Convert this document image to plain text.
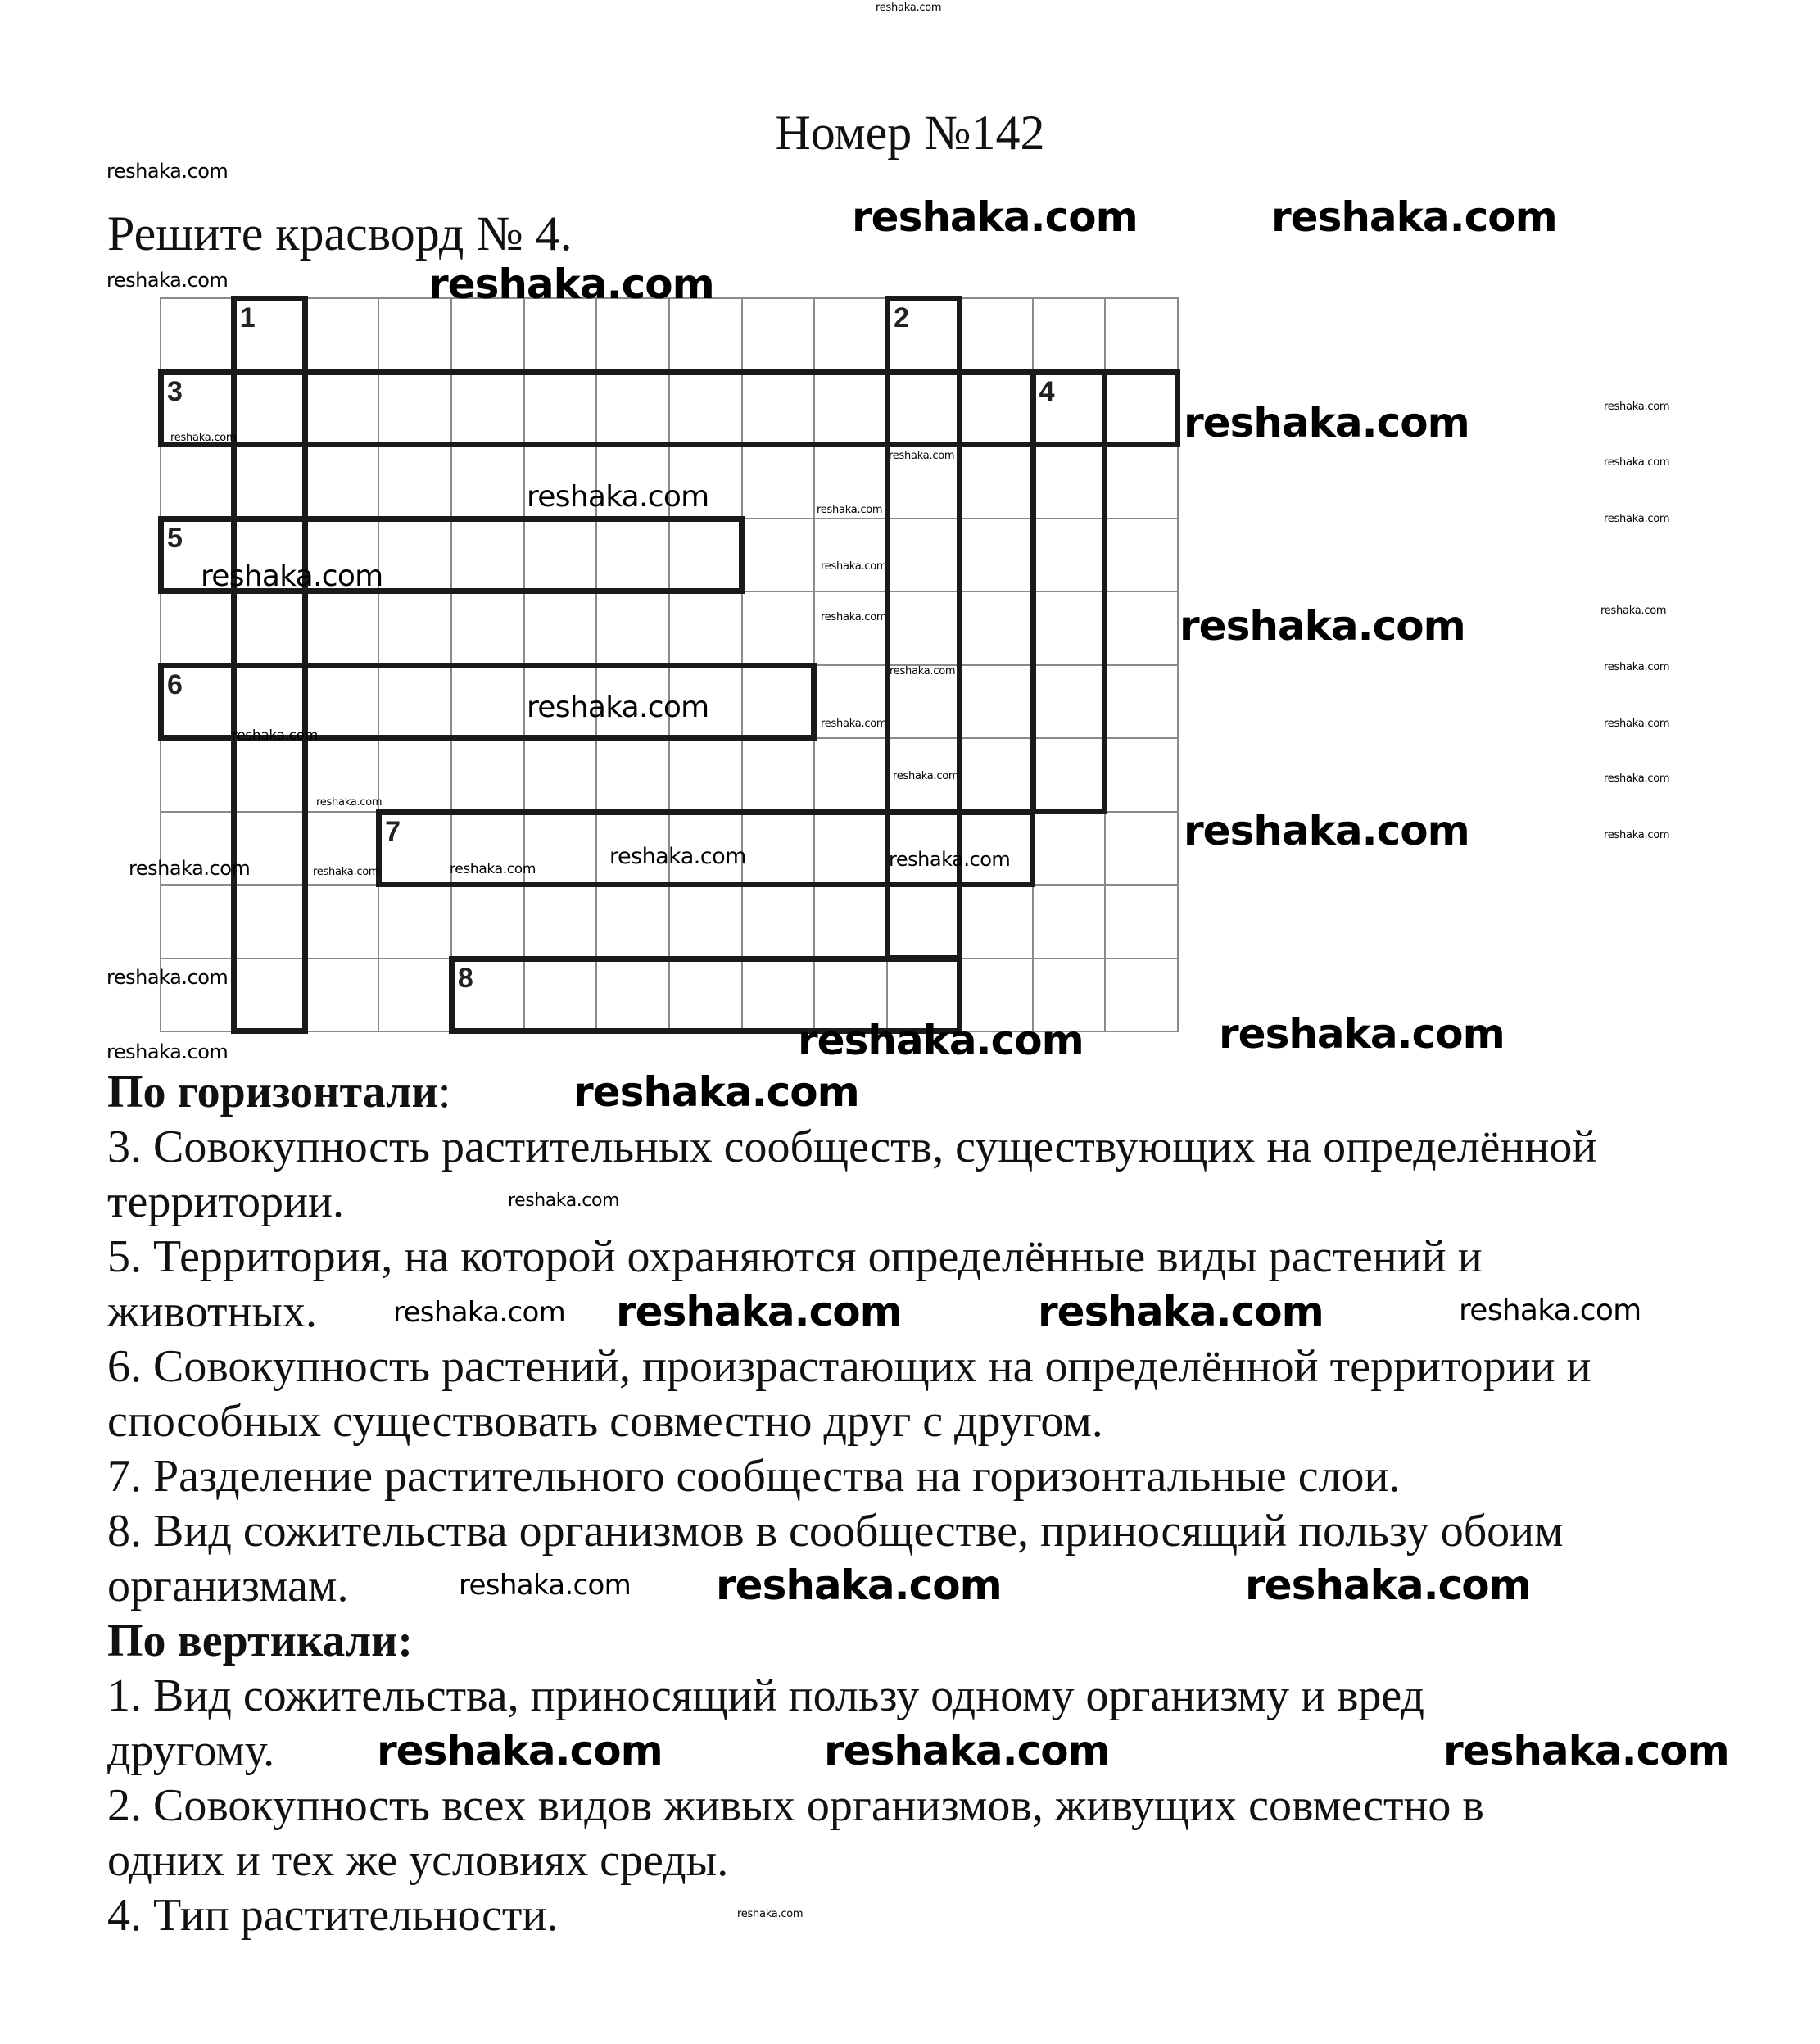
Номер №142
Решите красворд № 4.
1	2
3	4
5
6
7
8
По горизонтали:
3. Совокупность растительных сообществ, существующих на определённой
территории.
5. Территория, на которой охраняются определённые виды растений и
животных.
6. Совокупность растений, произрастающих на определённой территории и
способных существовать совместно друг с другом.
7. Разделение растительного сообщества на горизонтальные слои.
8. Вид сожительства организмов в сообществе, приносящий пользу обоим
организмам.
По вертикали:
1. Вид сожительства, приносящий пользу одному организму и вред
другому.
2. Совокупность всех видов живых организмов, живущих совместно в
одних и тех же условиях среды.
4. Тип растительности.
reshaka.com
reshaka.com
reshaka.com
reshaka.com	reshaka.com
reshaka.com
reshaka.com
reshaka.com
reshaka.com
reshaka.com
reshaka.com
reshaka.com
reshaka.com	reshaka.com
reshaka.com
reshaka.com
reshaka.com
reshaka.com
reshaka.com
reshaka.com
reshaka.com
reshaka.com	reshaka.com	reshaka.com
reshaka.com
reshaka.com reshaka.com	reshaka.com
reshaka.com	reshaka.com	reshaka.com
reshaka.com
reshaka.com
reshaka.com
reshaka.com
reshaka.com
reshaka.com
reshaka.com
reshaka.com
reshaka.com
reshaka.com
reshaka.com
reshaka.com
reshaka.com
reshaka.com
reshaka.com
reshaka.com
reshaka.com
reshaka.com
reshaka.com
reshaka.com	reshaka.com
